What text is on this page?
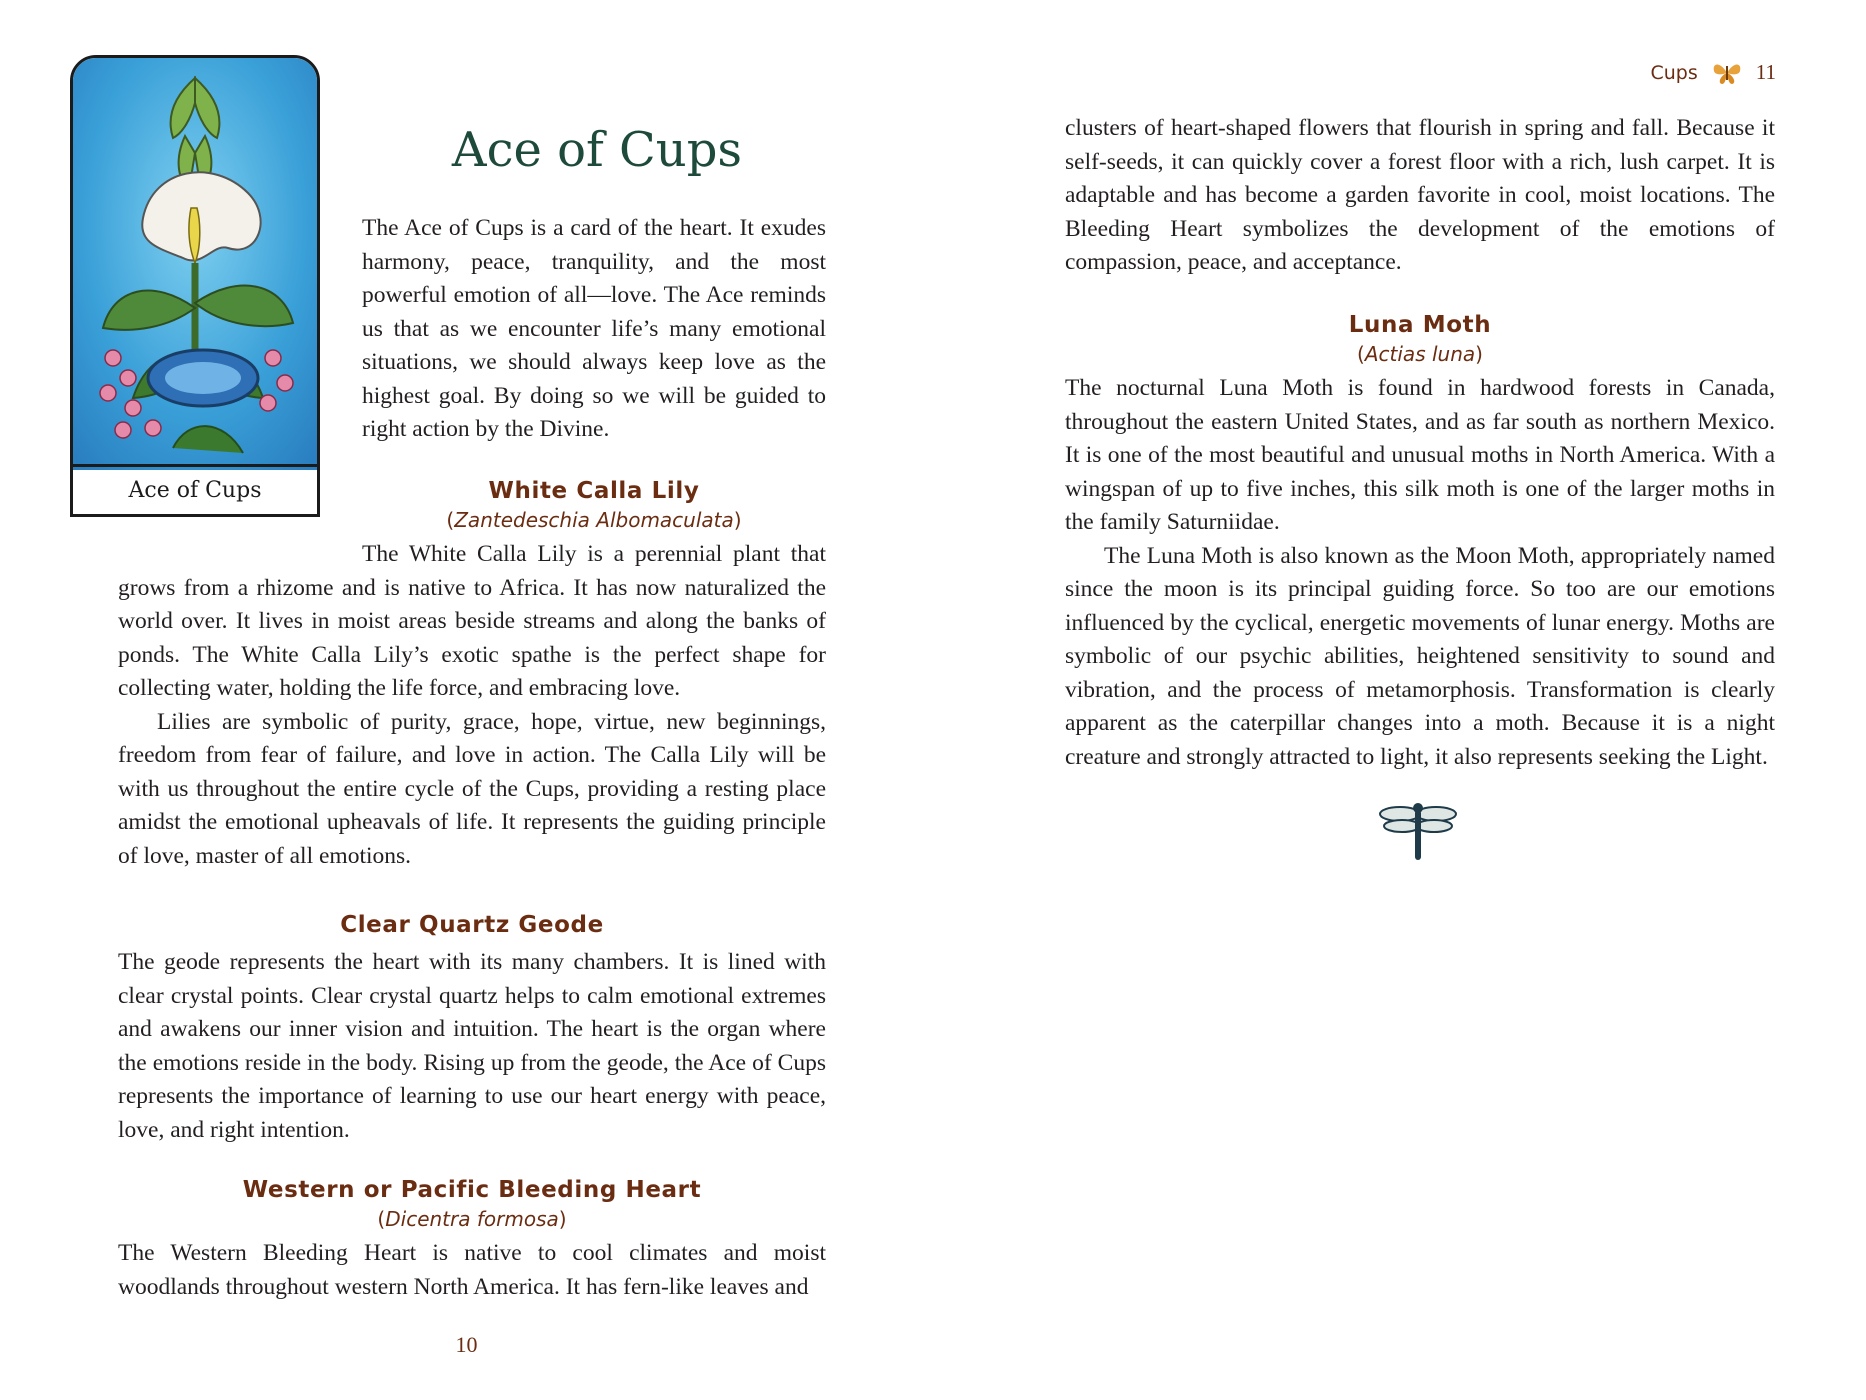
Ace of Cups
Ace of Cups

The Ace of Cups is a card of the heart. It exudes harmony, peace, tranquility, and the most powerful emotion of all—love. The Ace reminds us that as we encounter life’s many emotional situations, we should always keep love as the highest goal. By doing so we will be guided to right action by the Divine.

White Calla Lily

(Zantedeschia Albomaculata)

The White Calla Lily is a perennial plant that grows from a rhizome and is native to Africa. It has now naturalized the world over. It lives in moist areas beside streams and along the banks of ponds. The White Calla Lily’s exotic spathe is the perfect shape for collecting water, holding the life force, and embracing love.

Lilies are symbolic of purity, grace, hope, virtue, new beginnings, freedom from fear of failure, and love in action. The Calla Lily will be with us throughout the entire cycle of the Cups, providing a resting place amidst the emotional upheavals of life. It represents the guiding principle of love, master of all emotions.

Clear Quartz Geode

The geode represents the heart with its many chambers. It is lined with clear crystal points. Clear crystal quartz helps to calm emotional extremes and awakens our inner vision and intuition. The heart is the organ where the emotions reside in the body. Rising up from the geode, the Ace of Cups represents the importance of learning to use our heart energy with peace, love, and right intention.

Western or Pacific Bleeding Heart

(Dicentra formosa)

The Western Bleeding Heart is native to cool climates and moist woodlands throughout western North America. It has fern-like leaves and

10
Cups	11

clusters of heart-shaped flowers that flourish in spring and fall. Because it self-seeds, it can quickly cover a forest floor with a rich, lush carpet. It is adaptable and has become a garden favorite in cool, moist locations. The Bleeding Heart symbolizes the development of the emotions of compassion, peace, and acceptance.

Luna Moth

(Actias luna)

The nocturnal Luna Moth is found in hardwood forests in Canada, throughout the eastern United States, and as far south as northern Mexico. It is one of the most beautiful and unusual moths in North America. With a wingspan of up to five inches, this silk moth is one of the larger moths in the family Saturniidae.

The Luna Moth is also known as the Moon Moth, appropriately named since the moon is its principal guiding force. So too are our emotions influenced by the cyclical, energetic movements of lunar energy. Moths are symbolic of our psychic abilities, heightened sensitivity to sound and vibration, and the process of metamorphosis. Transformation is clearly apparent as the caterpillar changes into a moth. Because it is a night creature and strongly attracted to light, it also represents seeking the Light.
